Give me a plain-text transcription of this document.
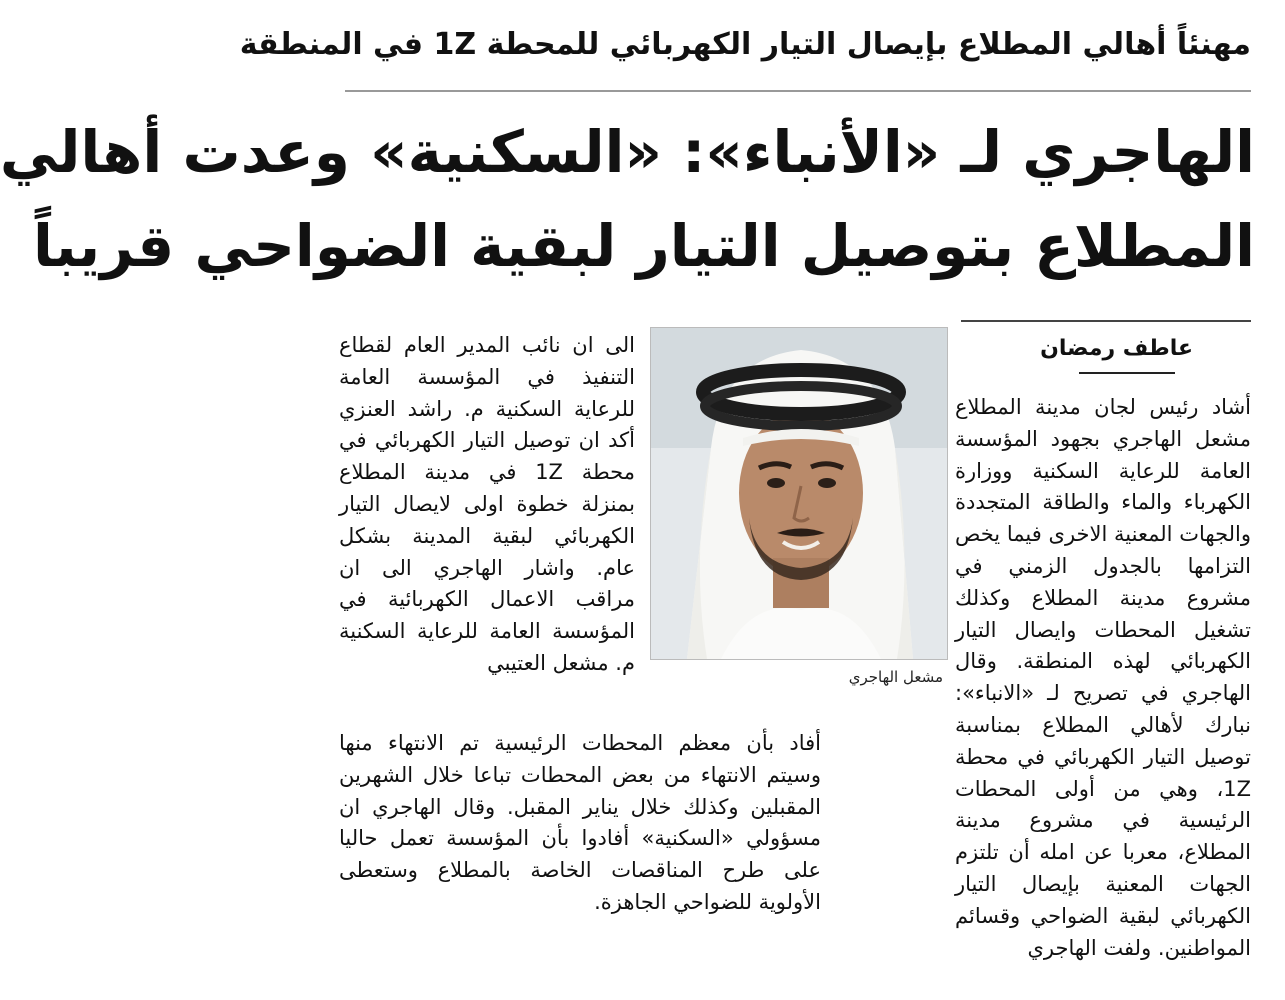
مهنئاً أهالي المطلاع بإيصال التيار الكهربائي للمحطة 1Z في المنطقة
الهاجري لـ «الأنباء»: «السكنية» وعدت أهالي
المطلاع بتوصيل التيار لبقية الضواحي قريباً
عاطف رمضان

أشاد رئيس لجان مدينة المطلاع مشعل الهاجري بجهود المؤسسة العامة للرعاية السكنية ووزارة الكهرباء والماء والطاقة المتجددة والجهات المعنية الاخرى فيما يخص التزامها بالجدول الزمني في مشروع مدينة المطلاع وكذلك تشغيل المحطات وايصال التيار الكهربائي لهذه المنطقة. وقال الهاجري في تصريح لـ «الانباء»: نبارك لأهالي المطلاع بمناسبة توصيل التيار الكهربائي في محطة 1Z، وهي من أولى المحطات الرئيسية في مشروع مدينة المطلاع، معربا عن امله أن تلتزم الجهات المعنية بإيصال التيار الكهربائي لبقية الضواحي وقسائم المواطنين. ولفت الهاجري

مشعل الهاجري

الى ان نائب المدير العام لقطاع التنفيذ في المؤسسة العامة للرعاية السكنية م. راشد العنزي أكد ان توصيل التيار الكهربائي في محطة 1Z في مدينة المطلاع بمنزلة خطوة اولى لايصال التيار الكهربائي لبقية المدينة بشكل عام. واشار الهاجري الى ان مراقب الاعمال الكهربائية في المؤسسة العامة للرعاية السكنية م. مشعل العتيبي

أفاد بأن معظم المحطات الرئيسية تم الانتهاء منها وسيتم الانتهاء من بعض المحطات تباعا خلال الشهرين المقبلين وكذلك خلال يناير المقبل. وقال الهاجري ان مسؤولي «السكنية» أفادوا بأن المؤسسة تعمل حاليا على طرح المناقصات الخاصة بالمطلاع وستعطى الأولوية للضواحي الجاهزة.
